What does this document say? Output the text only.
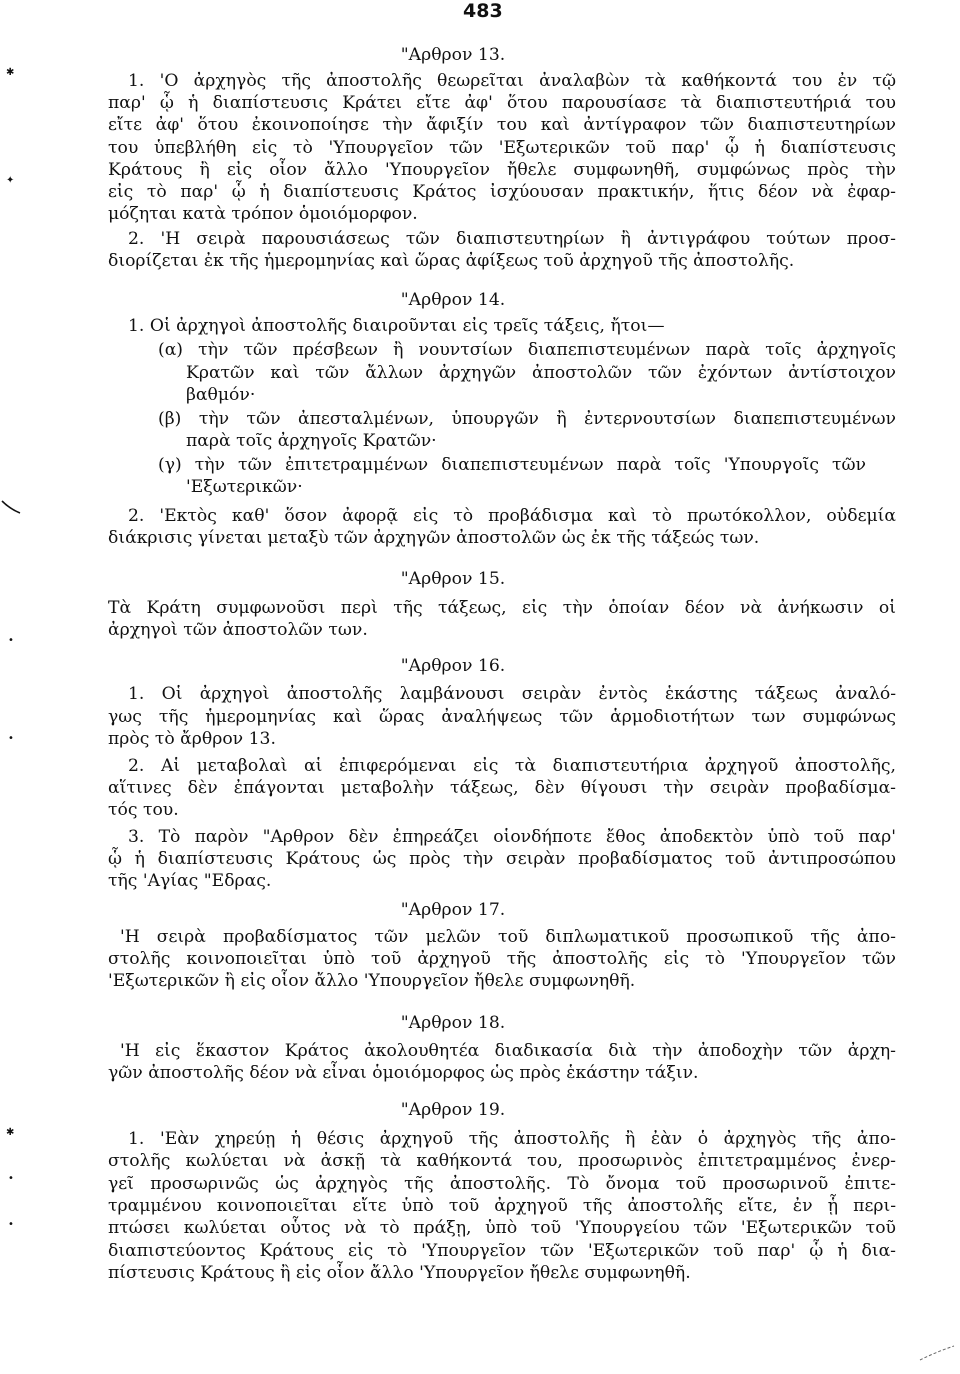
483
✱
✦
•
•
✱
•
•
"Αρθρον 13.
1. 'Ο ἀρχηγὸς τῆς ἀποστολῆς θεωρεῖται ἀναλαβὼν τὰ καθήκοντά του ἐν τῷ
παρ' ᾧ ἡ διαπίστευσις Κράτει εἴτε ἀφ' ὅτου παρουσίασε τὰ διαπιστευτήριά του
εἴτε ἀφ' ὅτου ἐκοινοποίησε τὴν ἄφιξίν του καὶ ἀντίγραφον τῶν διαπιστευτηρίων
του ὑπεβλήθη εἰς τὸ 'Υπουργεῖον τῶν 'Εξωτερικῶν τοῦ παρ' ᾧ ἡ διαπίστευσις
Κράτους ἢ εἰς οἷον ἄλλο 'Υπουργεῖον ἤθελε συμφωνηθῆ, συμφώνως πρὸς τὴν
εἰς τὸ παρ' ᾧ ἡ διαπίστευσις Κράτος ἰσχύουσαν πρακτικήν, ἥτις δέον νὰ ἐφαρ-
μόζηται κατὰ τρόπον ὁμοιόμορφον.
2. 'Η σειρὰ παρουσιάσεως τῶν διαπιστευτηρίων ἢ ἀντιγράφου τούτων προσ-
διορίζεται ἐκ τῆς ἡμερομηνίας καὶ ὥρας ἀφίξεως τοῦ ἀρχηγοῦ τῆς ἀποστολῆς.
"Αρθρον 14.
1. Οἱ ἀρχηγοὶ ἀποστολῆς διαιροῦνται εἰς τρεῖς τάξεις, ἤτοι—
(α) τὴν τῶν πρέσβεων ἢ νουντσίων διαπεπιστευμένων παρὰ τοῖς ἀρχηγοῖς
Κρατῶν καὶ τῶν ἄλλων ἀρχηγῶν ἀποστολῶν τῶν ἐχόντων ἀντίστοιχον
βαθμόν·
(β) τὴν τῶν ἀπεσταλμένων, ὑπουργῶν ἢ ἐντερνουτσίων διαπεπιστευμένων
παρὰ τοῖς ἀρχηγοῖς Κρατῶν·
(γ) τὴν τῶν ἐπιτετραμμένων διαπεπιστευμένων παρὰ τοῖς 'Υπουργοῖς τῶν
'Εξωτερικῶν·
2. 'Εκτὸς καθ' ὅσον ἀφορᾷ εἰς τὸ προβάδισμα καὶ τὸ πρωτόκολλον, οὐδεμία
διάκρισις γίνεται μεταξὺ τῶν ἀρχηγῶν ἀποστολῶν ὡς ἐκ τῆς τάξεώς των.
"Αρθρον 15.
Τὰ Κράτη συμφωνοῦσι περὶ τῆς τάξεως, εἰς τὴν ὁποίαν δέον νὰ ἀνήκωσιν οἱ
ἀρχηγοὶ τῶν ἀποστολῶν των.
"Αρθρον 16.
1. Οἱ ἀρχηγοὶ ἀποστολῆς λαμβάνουσι σειρὰν ἐντὸς ἑκάστης τάξεως ἀναλό-
γως τῆς ἡμερομηνίας καὶ ὥρας ἀναλήψεως τῶν ἁρμοδιοτήτων των συμφώνως
πρὸς τὸ ἄρθρον 13.
2. Αἱ μεταβολαὶ αἱ ἐπιφερόμεναι εἰς τὰ διαπιστευτήρια ἀρχηγοῦ ἀποστολῆς,
αἵτινες δὲν ἐπάγονται μεταβολὴν τάξεως, δὲν θίγουσι τὴν σειρὰν προβαδίσμα-
τός του.
3. Τὸ παρὸν "Αρθρον δὲν ἐπηρεάζει οἱονδήποτε ἔθος ἀποδεκτὸν ὑπὸ τοῦ παρ'
ᾧ ἡ διαπίστευσις Κράτους ὡς πρὸς τὴν σειρὰν προβαδίσματος τοῦ ἀντιπροσώπου
τῆς 'Αγίας "Εδρας.
"Αρθρον 17.
'Η σειρὰ προβαδίσματος τῶν μελῶν τοῦ διπλωματικοῦ προσωπικοῦ τῆς ἀπο-
στολῆς κοινοποιεῖται ὑπὸ τοῦ ἀρχηγοῦ τῆς ἀποστολῆς εἰς τὸ 'Υπουργεῖον τῶν
'Εξωτερικῶν ἢ εἰς οἷον ἄλλο 'Υπουργεῖον ἤθελε συμφωνηθῆ.
"Αρθρον 18.
'Η εἰς ἕκαστον Κράτος ἀκολουθητέα διαδικασία διὰ τὴν ἀποδοχὴν τῶν ἀρχη-
γῶν ἀποστολῆς δέον νὰ εἶναι ὁμοιόμορφος ὡς πρὸς ἑκάστην τάξιν.
"Αρθρον 19.
1. 'Εὰν χηρεύῃ ἡ θέσις ἀρχηγοῦ τῆς ἀποστολῆς ἢ ἐὰν ὁ ἀρχηγὸς τῆς ἀπο-
στολῆς κωλύεται νὰ ἀσκῇ τὰ καθήκοντά του, προσωρινὸς ἐπιτετραμμένος ἐνερ-
γεῖ προσωρινῶς ὡς ἀρχηγὸς τῆς ἀποστολῆς. Τὸ ὄνομα τοῦ προσωρινοῦ ἐπιτε-
τραμμένου κοινοποιεῖται εἴτε ὑπὸ τοῦ ἀρχηγοῦ τῆς ἀποστολῆς εἴτε, ἐν ᾗ περι-
πτώσει κωλύεται οὗτος νὰ τὸ πράξῃ, ὑπὸ τοῦ 'Υπουργείου τῶν 'Εξωτερικῶν τοῦ
διαπιστεύοντος Κράτους εἰς τὸ 'Υπουργεῖον τῶν 'Εξωτερικῶν τοῦ παρ' ᾧ ἡ δια-
πίστευσις Κράτους ἢ εἰς οἷον ἄλλο 'Υπουργεῖον ἤθελε συμφωνηθῆ.
